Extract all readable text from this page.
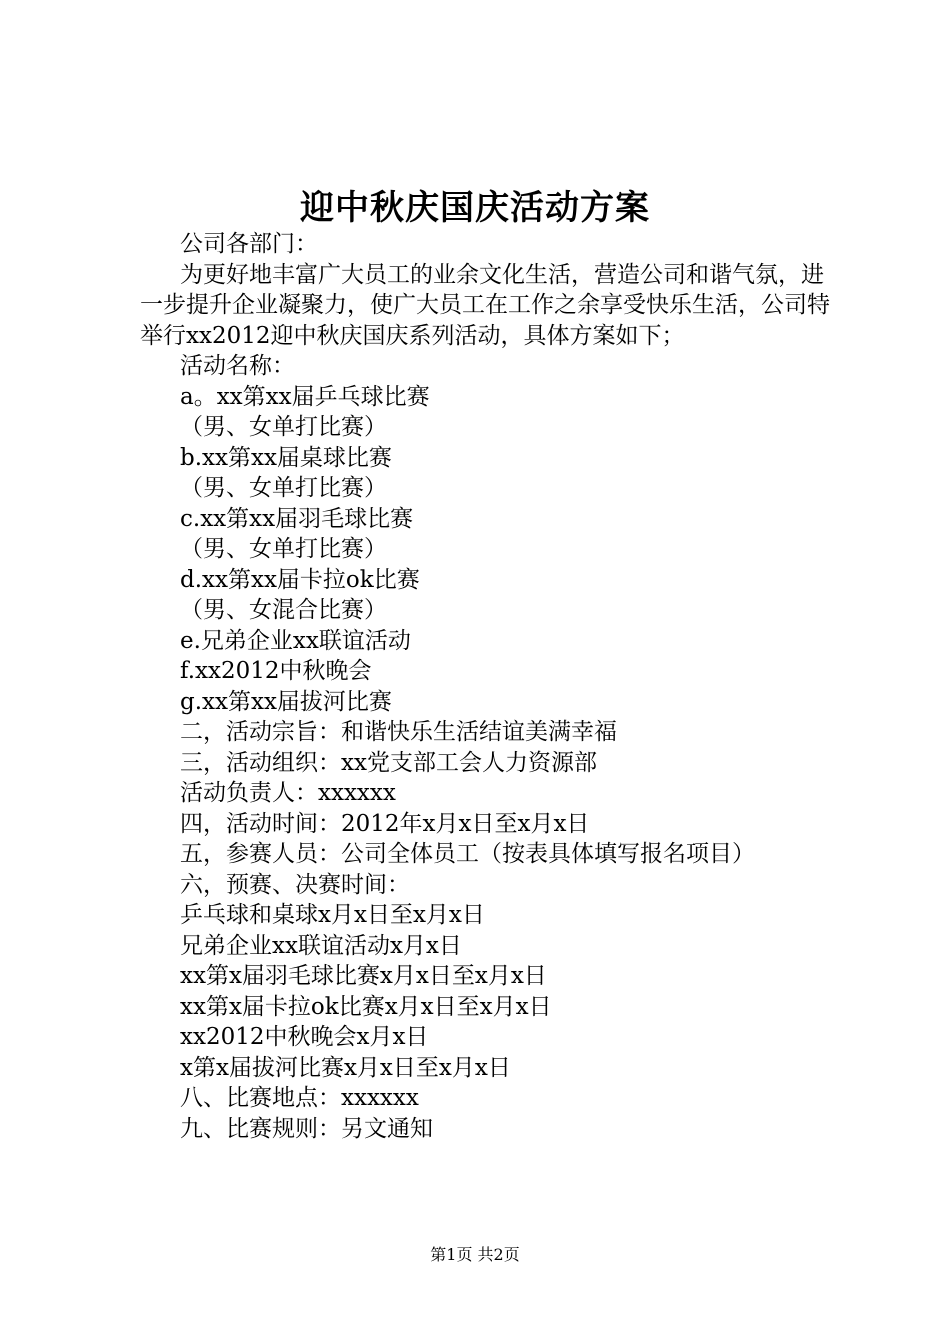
迎中秋庆国庆活动方案

公司各部门：

为更好地丰富广大员工的业余文化生活，营造公司和谐气氛，进一步提升企业凝聚力，使广大员工在工作之余享受快乐生活，公司特举行xx2012迎中秋庆国庆系列活动，具体方案如下；

活动名称：

a。xx第xx届乒乓球比赛

（男、女单打比赛）

b.xx第xx届桌球比赛

（男、女单打比赛）

c.xx第xx届羽毛球比赛

（男、女单打比赛）

d.xx第xx届卡拉ok比赛

（男、女混合比赛）

e.兄弟企业xx联谊活动

f.xx2012中秋晚会

g.xx第xx届拔河比赛

二，活动宗旨：和谐快乐生活结谊美满幸福

三，活动组织：xx党支部工会人力资源部

活动负责人：xxxxxx

四，活动时间：2012年x月x日至x月x日

五，参赛人员：公司全体员工（按表具体填写报名项目）

六，预赛、决赛时间：

乒乓球和桌球x月x日至x月x日

兄弟企业xx联谊活动x月x日

xx第x届羽毛球比赛x月x日至x月x日

xx第x届卡拉ok比赛x月x日至x月x日

xx2012中秋晚会x月x日

x第x届拔河比赛x月x日至x月x日

八、比赛地点：xxxxxx

九、比赛规则：另文通知

第1页 共2页
